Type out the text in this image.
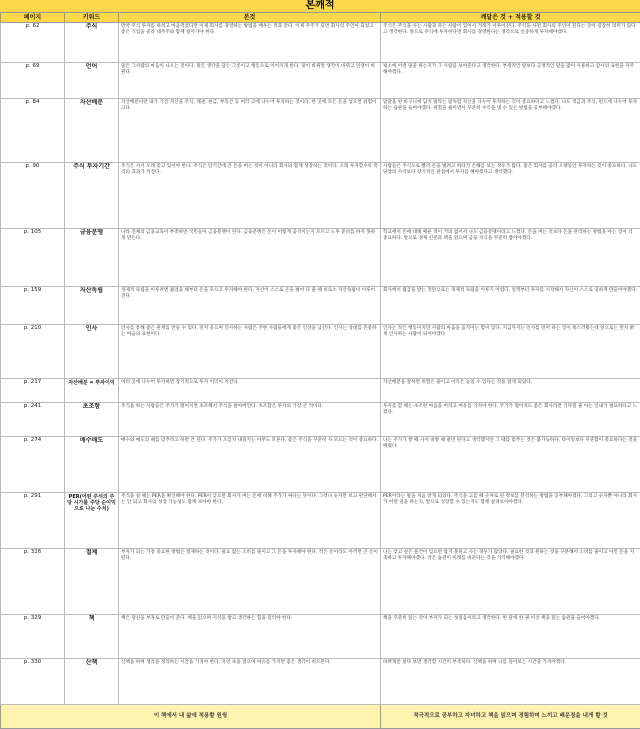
본깨적
페이지	키워드	본것	깨달은 것 + 적용할 것
p. 62	주식	만약 주식 투자를 하려고 마음먹었다면 이제 회사를 경영하는 방법을 배우는 것과 같다. 이제 주주가 되면 회사의 주인이 되었고 좋은 기업을 골라 대주주와 함께 걸어가야 한다.	주식은 주식을 사는 사람과 파는 사람이 있어서 거래가 이루어진다. 주식을 사면 회사의 주인이 된다는 것이 굉장히 의미가 있다고 생각한다. 앞으로 주식에 투자한다면 회사를 경영한다는 생각으로 신중하게 투자해야겠다.
p. 69	언어	말은 그사람의 마음이 나오는 것이다. 말은 생각을 담는 그릇이고 행동으로 이어지게 한다. 말이 바뀌면 생각이 바뀌고 인생이 바뀐다.	평소에 어떤 말을 하는지가 그 사람을 보여준다고 생각한다. 부정적인 말보다 긍정적인 말을 많이 사용하고 감사의 표현을 자주 해야겠다.
p. 84	자산배분	자산배분이란 내가 가진 자산을 주식, 채권, 현금, 부동산 등 여러 곳에 나누어 투자하는 것이다. 한 곳에 모든 돈을 넣으면 위험이 크다.	달걀을 한 바구니에 담지 말라는 말처럼 자산을 나누어 투자하는 것이 중요하다고 느꼈다. 나도 적금과 주식, 펀드에 나누어 투자하는 습관을 들여야겠다. 위험을 줄이면서 꾸준히 수익을 낼 수 있는 방법을 공부해야겠다.
p. 90	주식 투자기간	주식은 사서 오래 갖고 있어야 한다. 주식은 단기간에 큰 돈을 버는 것이 아니라 회사와 함께 성장하는 것이다. 오래 투자할수록 복리의 효과가 커진다.	사람들은 주식으로 빨리 돈을 벌려고 하다가 손해를 보는 경우가 많다. 좋은 회사를 골라 오랫동안 투자하는 것이 중요하다. 나도 당장의 수익보다 장기적인 관점에서 투자를 해야겠다고 생각했다.
p. 105	금융문맹	나라 전체의 금융교육이 부족하면 국민들이 금융문맹이 된다. 금융문맹은 돈이 어떻게 움직이는지 모르고 노후 준비를 하지 못하게 만든다.	학교에서 돈에 대해 배운 적이 거의 없어서 나도 금융문맹이라고 느꼈다. 돈을 버는 것보다 돈을 관리하는 방법을 아는 것이 더 중요하다. 앞으로 경제 신문과 책을 읽으며 금융 지식을 꾸준히 쌓아야겠다.
p. 159	자산독립	경제적 독립을 이루려면 젊었을 때부터 돈을 모으고 투자해야 한다. 자산이 스스로 돈을 벌어 다 줄 때 비로소 자산독립이 이루어진다.	회사에서 월급을 받는 것만으로는 경제적 독립을 이루기 어렵다. 일찍부터 투자를 시작해서 자산이 스스로 일하게 만들어야겠다.
p. 210	인사	인사를 통해 좋은 관계를 만들 수 있다. 먼저 웃으며 인사하는 사람은 주변 사람들에게 좋은 인상을 남긴다. 인사는 상대를 존중하는 마음의 표현이다.	인사는 작은 행동이지만 사람의 마음을 움직이는 힘이 있다. 지금까지는 인사를 먼저 하는 것이 쑥스러웠는데 앞으로는 먼저 밝게 인사하는 사람이 되어야겠다.
p. 217	자산배분 = 투자이익	여러 곳에 나누어 투자하면 장기적으로 투자 이익이 커진다.	자산배분을 잘하면 위험은 줄이고 이익은 높일 수 있다는 것을 알게 되었다.
p. 241	초조함	주식을 하는 사람들은 주가가 떨어지면 초조해서 주식을 팔아버린다. 초조함은 투자의 가장 큰 적이다.	투자를 할 때는 초조한 마음을 버리고 여유를 가져야 한다. 주가가 떨어져도 좋은 회사라면 기다릴 줄 아는 인내가 필요하다고 느꼈다.
p. 274	매수매도	매수와 매도의 때를 맞추려고 하면 안 된다. 주가가 오를지 내릴지는 아무도 모른다. 좋은 주식을 꾸준히 사 모으는 것이 중요하다.	나는 주가가 쌀 때 사서 비쌀 때 팔면 된다고 생각했지만 그 때를 맞추는 것은 불가능하다. 타이밍보다 꾸준함이 중요하다는 것을 배웠다.
p. 291	PER(어떤 주식의 주당 시가를 주당 순이익으로 나눈 수치)	주식을 살 때는 PER을 확인해야 한다. PER이 낮으면 회사가 버는 돈에 비해 주가가 싸다는 뜻이다. 그러나 숫자만 보고 판단해서는 안 되고 회사의 성장 가능성도 함께 보아야 한다.	PER이라는 말을 처음 알게 되었다. 주식을 고를 때 숫자로 된 정보를 분석하는 방법을 공부해야겠다. 그리고 숫자뿐 아니라 회사가 어떤 일을 하는지, 앞으로 성장할 수 있는지도 함께 살펴보아야겠다.
p. 326	절제	부자가 되는 가장 중요한 방법은 절제하는 것이다. 필요 없는 소비를 줄이고 그 돈을 투자해야 한다. 작은 돈이라도 아끼면 큰 돈이 된다.	나는 갖고 싶은 물건이 있으면 참지 못하고 사는 경우가 많았다. 필요한 것과 원하는 것을 구분해서 소비를 줄이고 아낀 돈을 저축하고 투자해야겠다. 작은 습관이 미래를 바꾼다는 것을 기억해야겠다.
p. 329	책	책은 당신을 부자로 만들어 준다. 책을 읽으며 지식을 쌓고 생각하는 힘을 길러야 한다.	책을 꾸준히 읽는 것이 부자가 되는 첫걸음이라고 생각한다. 한 달에 한 권 이상 책을 읽는 습관을 들여야겠다.
p. 330	산책	산책을 하며 생각을 정리하는 시간을 가져야 한다. 자연 속을 걸으며 여유를 가지면 좋은 생각이 떠오른다.	바쁘게만 살다 보면 생각할 시간이 부족하다. 산책을 하며 나를 돌아보는 시간을 가져야겠다.
이 책에서 내 삶에 적용할 원씽			적극적으로 공부하고 자녀하고 책을 읽으며 경험하며 느끼고 배운점을 내게 할 것
